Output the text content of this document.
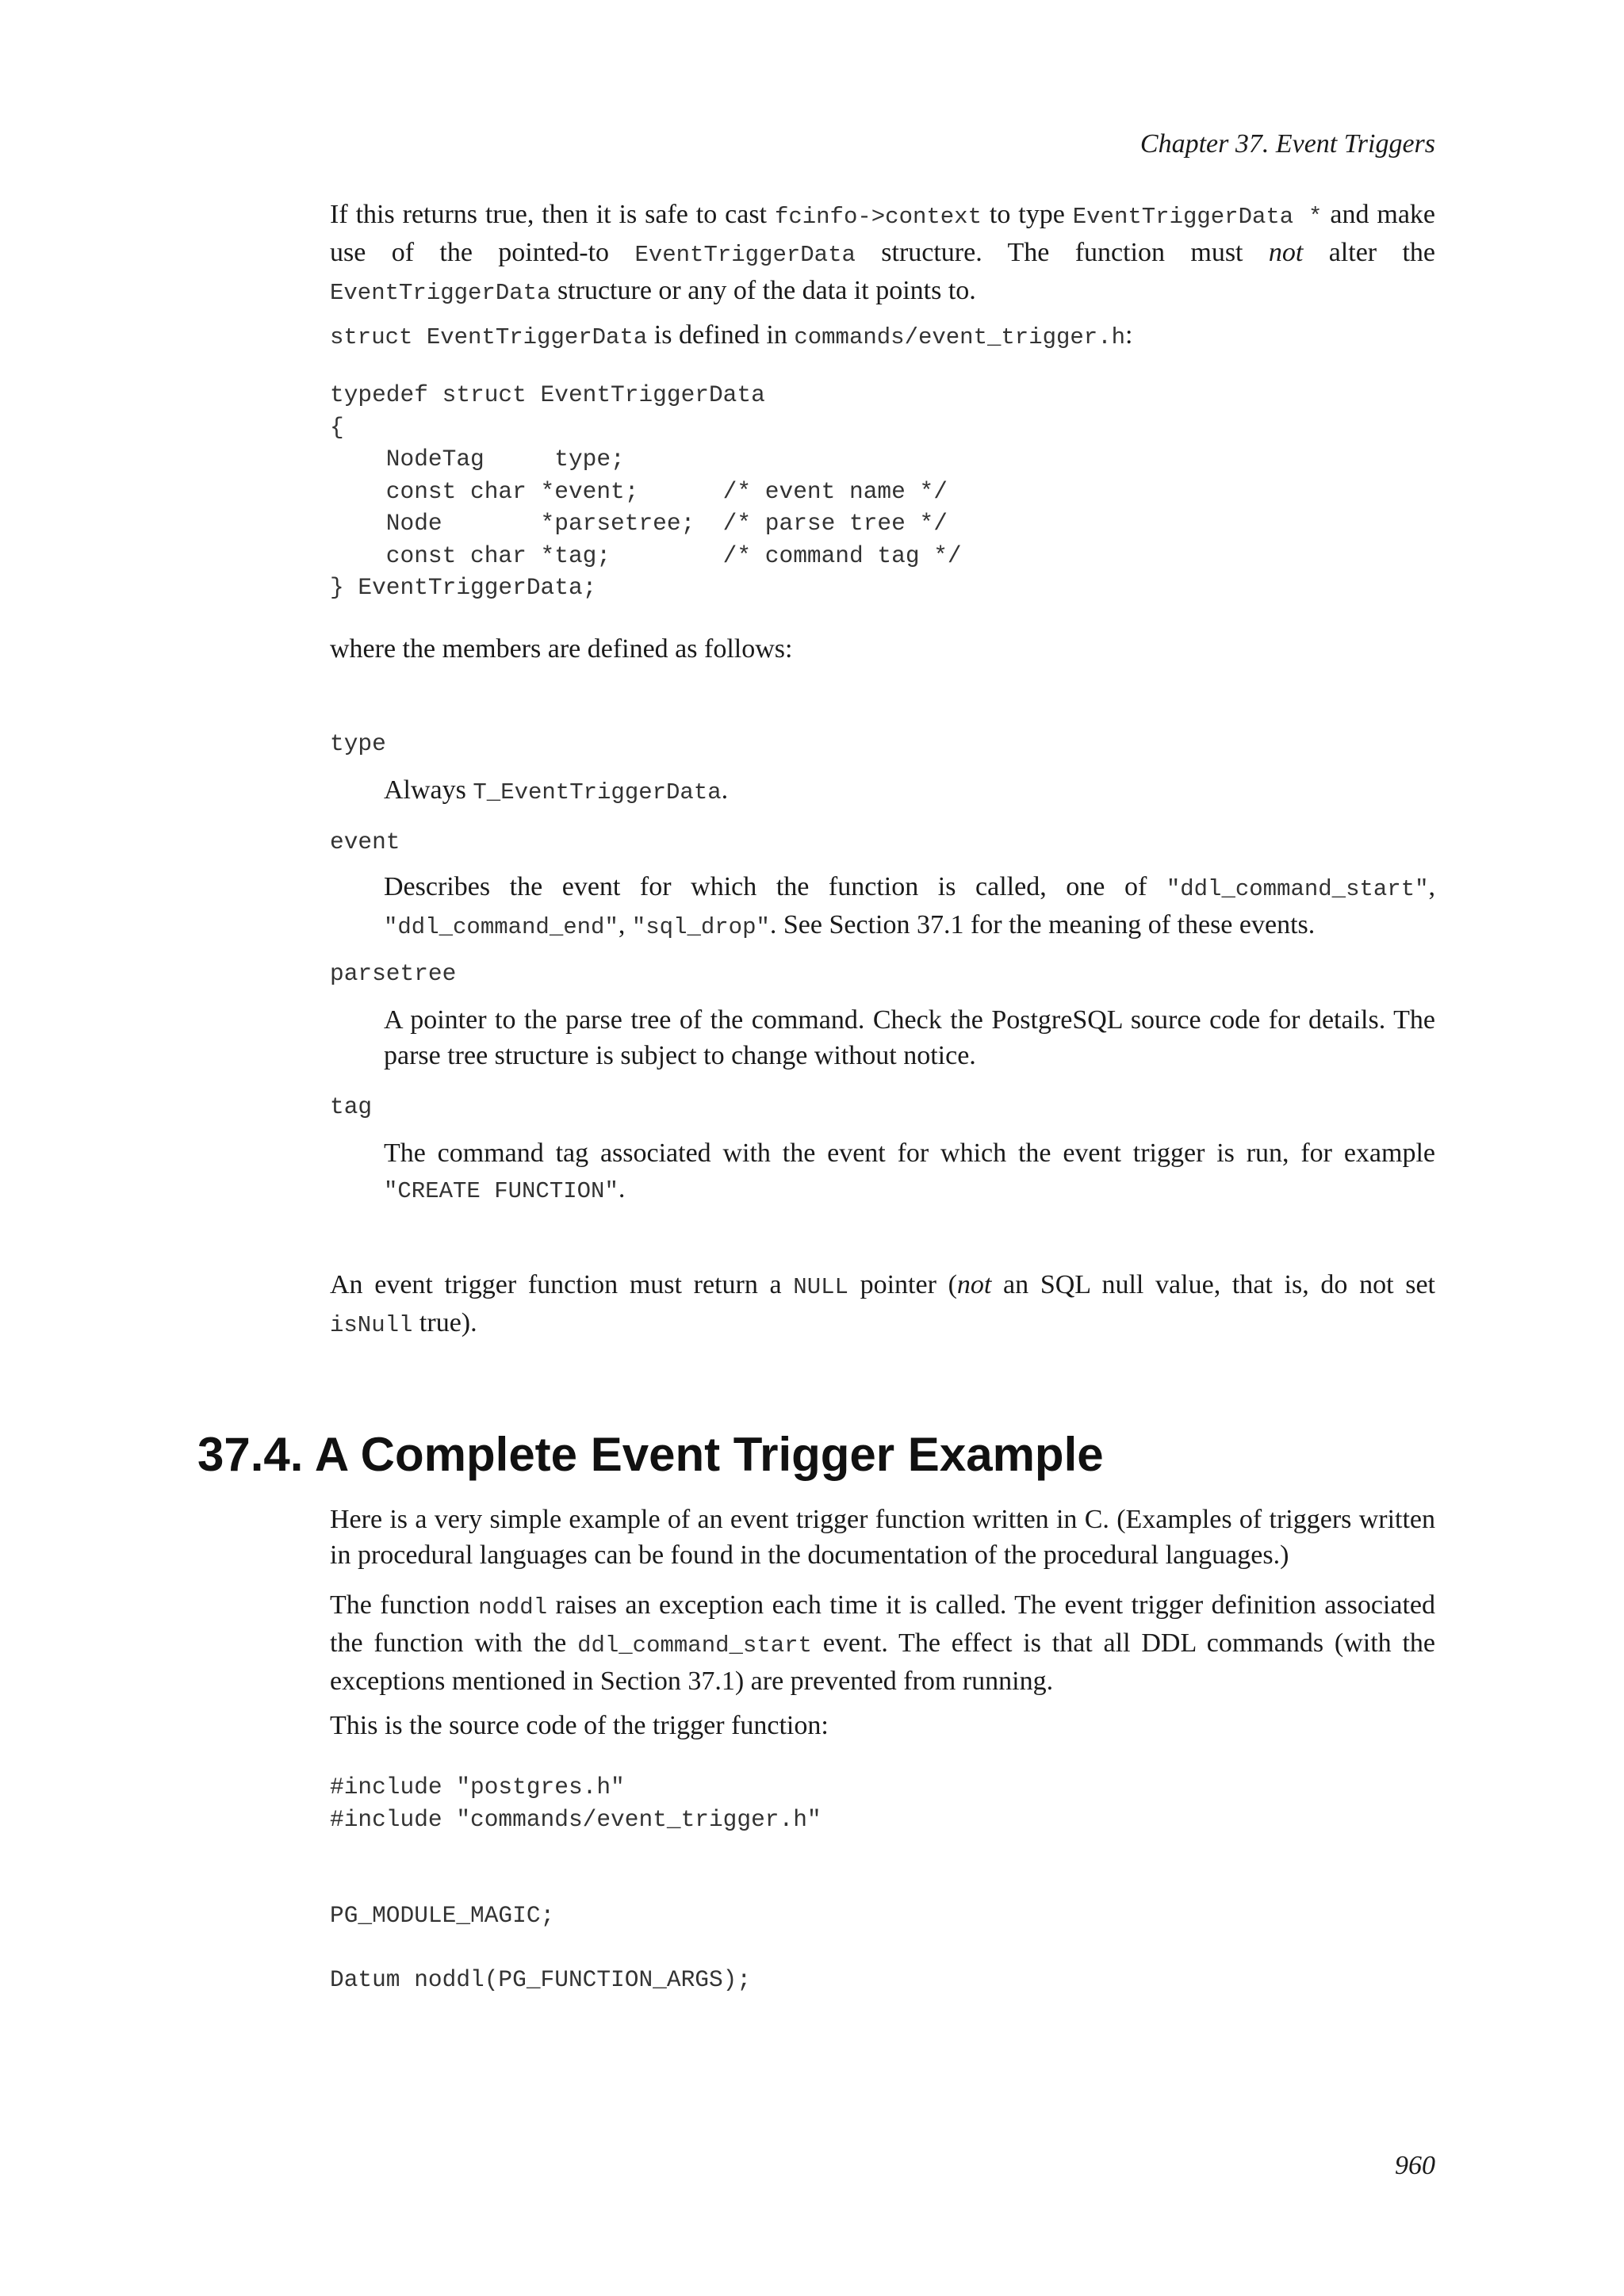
Chapter 37. Event Triggers

If this returns true, then it is safe to cast fcinfo->context to type EventTriggerData * and make use of the pointed-to EventTriggerData structure. The function must not alter the EventTriggerData structure or any of the data it points to.

struct EventTriggerData is defined in commands/event_trigger.h:

typedef struct EventTriggerData
{
NodeTag     type;
const char *event;      /* event name */
Node       *parsetree;  /* parse tree */
const char *tag;        /* command tag */
} EventTriggerData;

where the members are defined as follows:

type

Always T_EventTriggerData.

event

Describes the event for which the function is called, one of "ddl_command_start", "ddl_command_end", "sql_drop". See Section 37.1 for the meaning of these events.

parsetree

A pointer to the parse tree of the command. Check the PostgreSQL source code for details. The parse tree structure is subject to change without notice.

tag

The command tag associated with the event for which the event trigger is run, for example "CREATE FUNCTION".

An event trigger function must return a NULL pointer (not an SQL null value, that is, do not set isNull true).

37.4. A Complete Event Trigger Example

Here is a very simple example of an event trigger function written in C. (Examples of triggers written in procedural languages can be found in the documentation of the procedural languages.)

The function noddl raises an exception each time it is called. The event trigger definition associated the function with the ddl_command_start event. The effect is that all DDL commands (with the exceptions mentioned in Section 37.1) are prevented from running.

This is the source code of the trigger function:

#include "postgres.h"
#include "commands/event_trigger.h"

PG_MODULE_MAGIC;

Datum noddl(PG_FUNCTION_ARGS);
960
